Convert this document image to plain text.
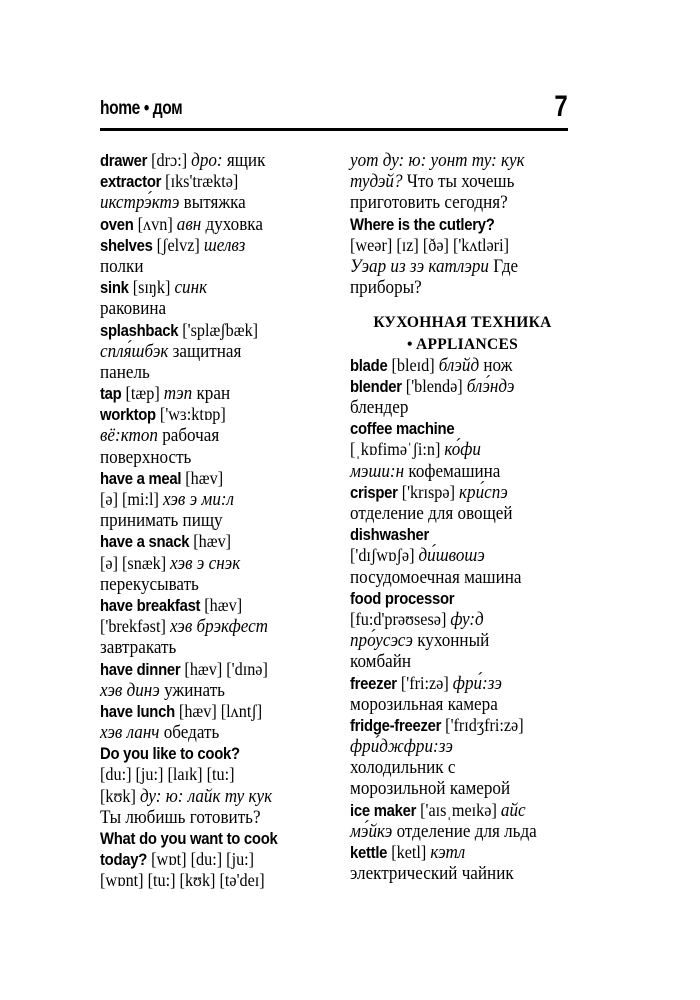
home • дом	7
drawer [drɔ:] дро: ящик
extractor [ɪks'træktə]
икстрэ́ктэ вытяжка
oven [ʌvn] авн духовка
shelves [ʃelvz] шелвз
полки
sink [sɪŋk] синк
раковина
splashback ['splæʃbæk]
спля́шбэк защитная
панель
tap [tæp] тэп кран
worktop ['wɜ:ktɒp]
вё:ктоп рабочая
поверхность
have a meal [hæv]
[ə] [mi:l] хэв э ми:л
принимать пищу
have a snack [hæv]
[ə] [snæk] хэв э снэк
перекусывать
have breakfast [hæv]
['brekfəst] хэв брэкфест
завтракать
have dinner [hæv] ['dɪnə]
хэв динэ ужинать
have lunch [hæv] [lʌntʃ]
хэв ланч обедать
Do you like to cook?
[du:] [ju:] [laɪk] [tu:]
[kʊk] ду: ю: лайк ту кук
Ты любишь готовить?
What do you want to cook
today? [wɒt] [du:] [ju:]
[wɒnt] [tu:] [kʊk] [tə'deɪ]
уот ду: ю: уонт ту: кук
тудэй? Что ты хочешь
приготовить сегодня?
Where is the cutlery?
[weər] [ɪz] [ðə] ['kʌtləri]
Уэар из зэ катлэри Где
приборы?
КУХОННАЯ ТЕХНИКА
• APPLIANCES
blade [bleɪd] блэйд нож
blender ['blendə] блэ́ндэ
блендер
coffee machine
[ˌkɒfiməˈʃi:n] ко́фи
мэши:н кофемашина
crisper ['krɪspə] кри́спэ
отделение для овощей
dishwasher
['dɪʃwɒʃə] ди́швошэ
посудомоечная машина
food processor
[fu:d'prəʊsesə] фу:д
про́усэсэ кухонный
комбайн
freezer ['fri:zə] фри́:зэ
морозильная камера
fridge-freezer ['frɪdʒfri:zə]
фри́джфри:зэ
холодильник с
морозильной камерой
ice maker ['aɪsˌmeɪkə] айс
мэ́йкэ отделение для льда
kettle [ketl] кэтл
электрический чайник
